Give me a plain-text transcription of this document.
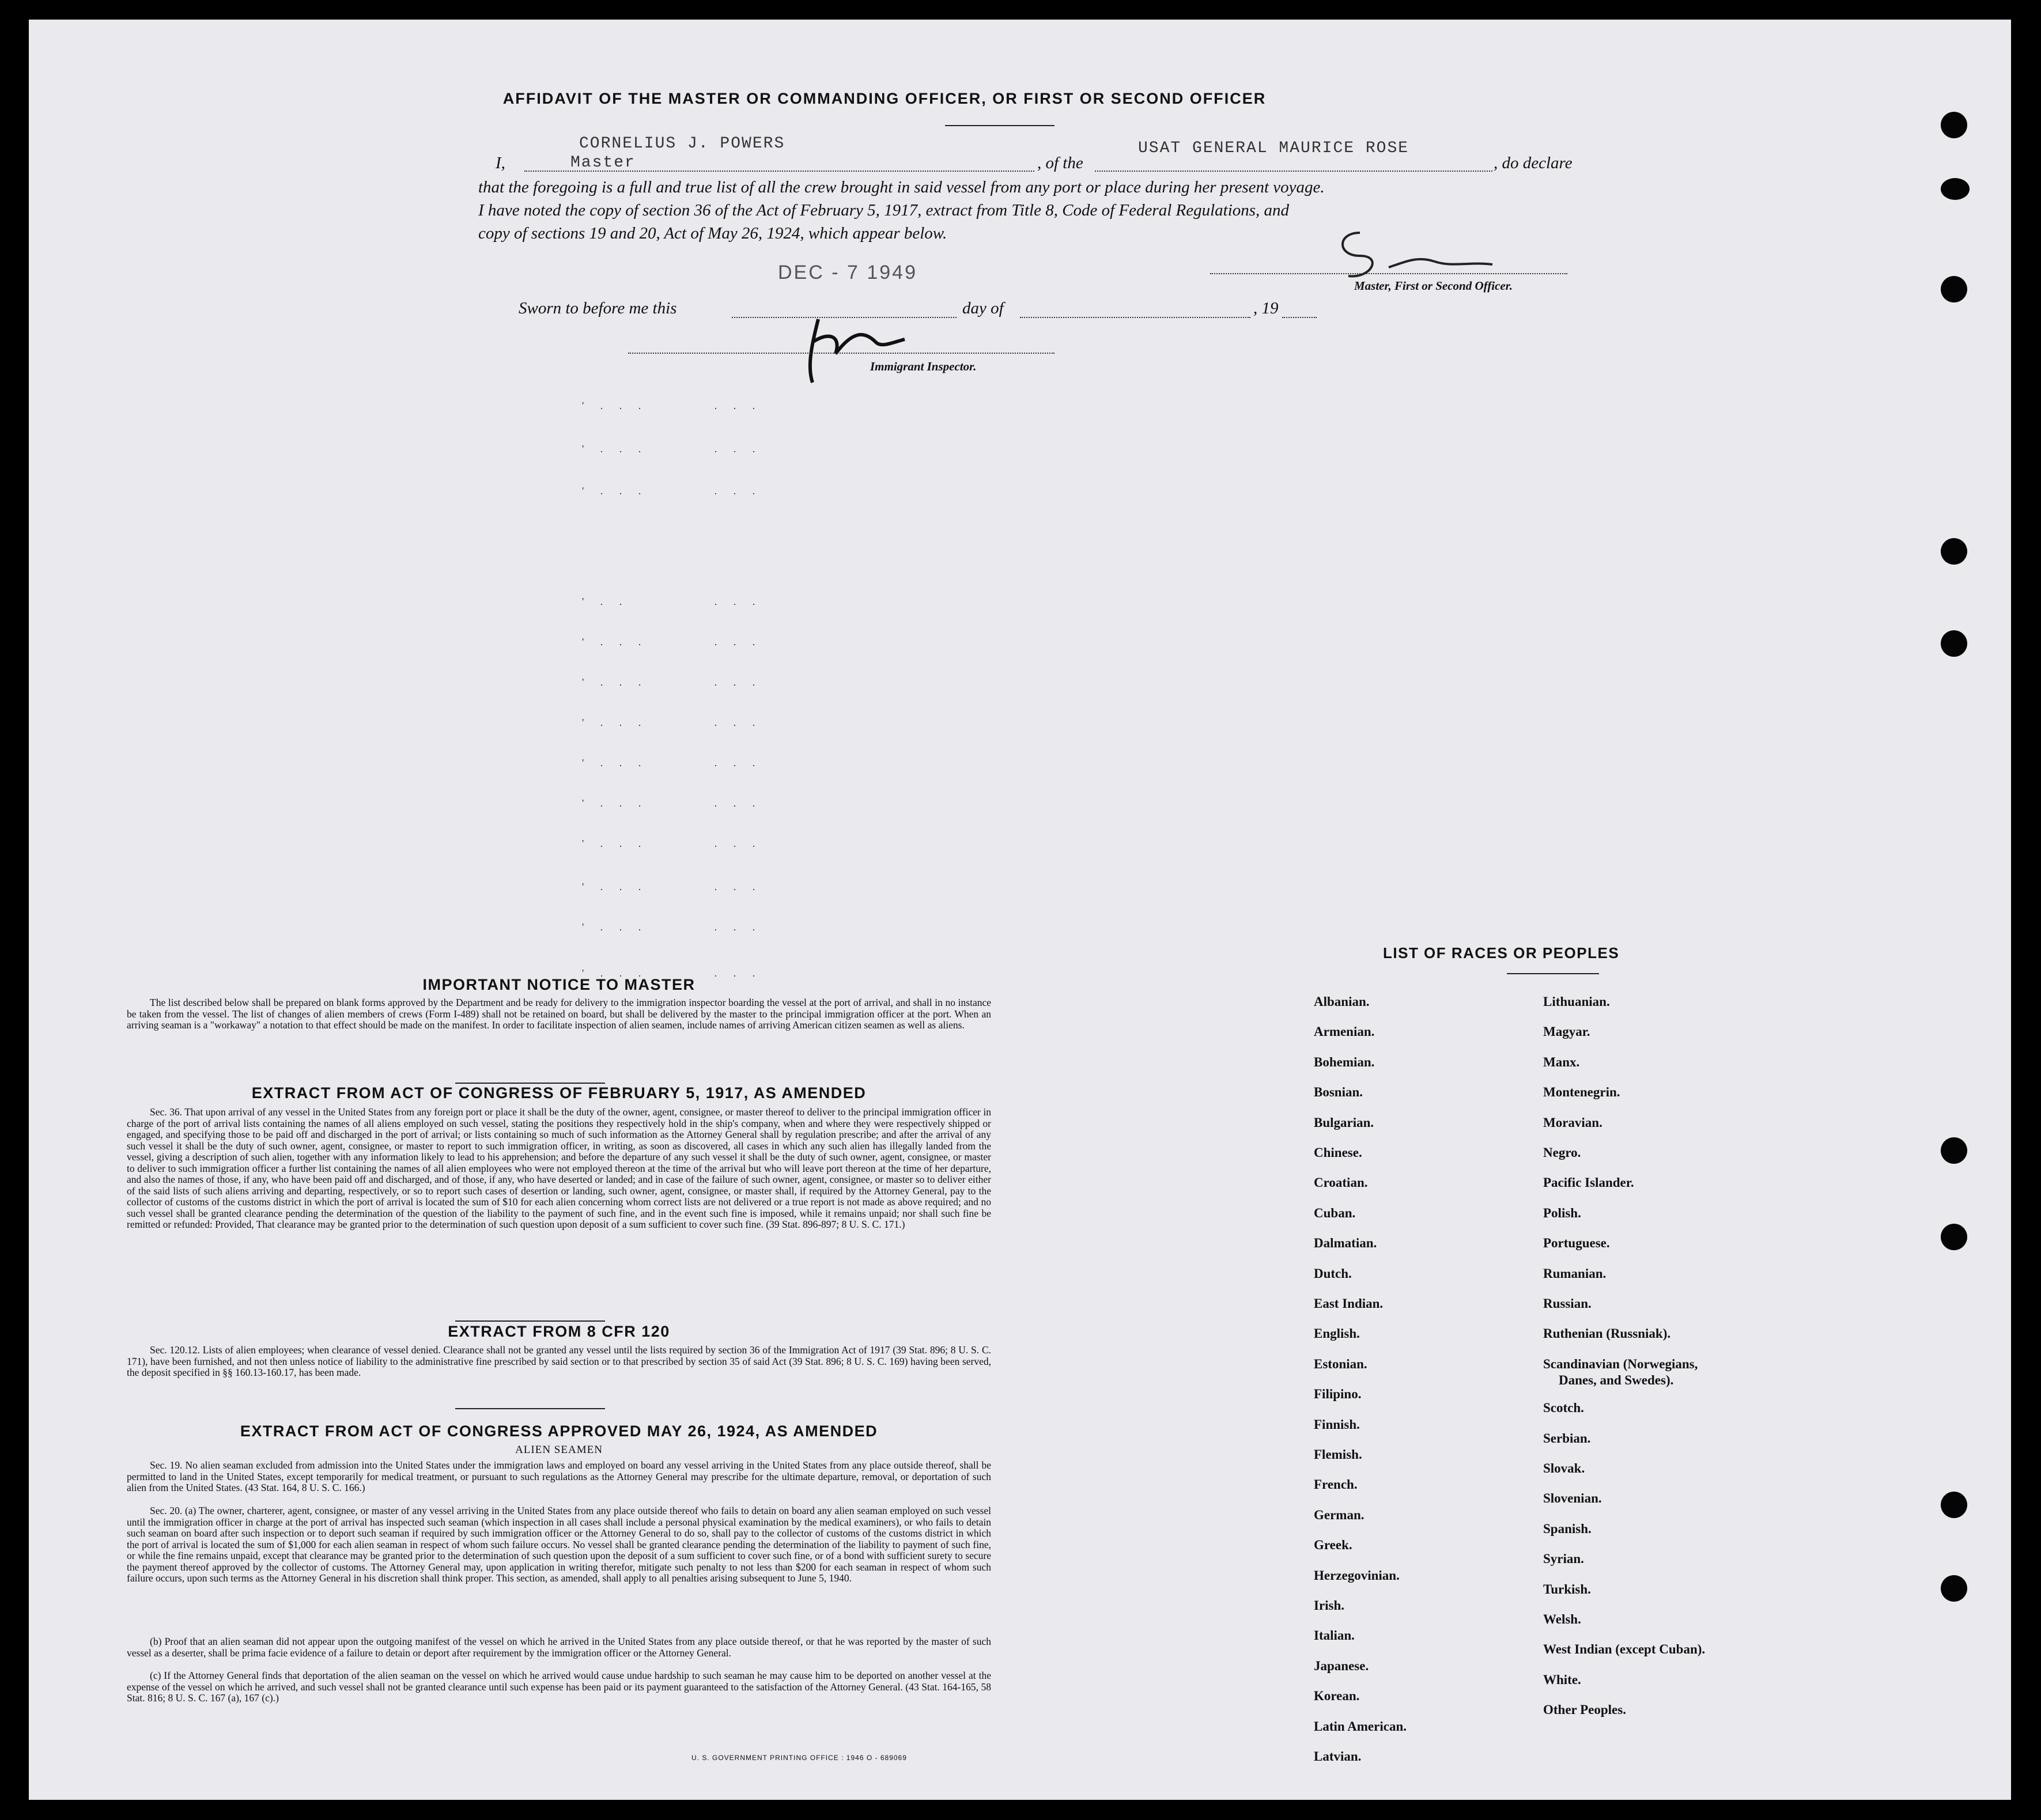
AFFIDAVIT OF THE MASTER OR COMMANDING OFFICER, OR FIRST OR SECOND OFFICER
CORNELIUS J. POWERS	USAT GENERAL MAURICE ROSE
I,	Master	, of the	, do declare
that the foregoing is a full and true list of all the crew brought in said vessel from any port or place during her present voyage.
I have noted the copy of section 36 of the Act of February 5, 1917, extract from Title 8, Code of Federal Regulations, and
copy of sections 19 and 20, Act of May 26, 1924, which appear below.
DEC - 7 1949
Master, First or Second Officer.
Sworn to before me this	day of	, 19
Immigrant Inspector.
' . . .       . . .
' . . .       . . .
' . . .       . . .
' . .         . . .
' . . .       . . .
' . . .       . . .
' . . .       . . .
' . . .       . . .
' . . .       . . .
' . . .       . . .
' . . .       . . .
' . . .       . . .
' . . .       . . .
IMPORTANT NOTICE TO MASTER
The list described below shall be prepared on blank forms approved by the Department and be ready for delivery to the immigration inspector boarding the vessel at the port of arrival, and shall in no instance be taken from the vessel. The list of changes of alien members of crews (Form I-489) shall not be retained on board, but shall be delivered by the master to the principal immigration officer at the port. When an arriving seaman is a "workaway" a notation to that effect should be made on the manifest. In order to facilitate inspection of alien seamen, include names of arriving American citizen seamen as well as aliens.
EXTRACT FROM ACT OF CONGRESS OF FEBRUARY 5, 1917, AS AMENDED
Sec. 36. That upon arrival of any vessel in the United States from any foreign port or place it shall be the duty of the owner, agent, consignee, or master thereof to deliver to the principal immigration officer in charge of the port of arrival lists containing the names of all aliens employed on such vessel, stating the positions they respectively hold in the ship's company, when and where they were respectively shipped or engaged, and specifying those to be paid off and discharged in the port of arrival; or lists containing so much of such information as the Attorney General shall by regulation prescribe; and after the arrival of any such vessel it shall be the duty of such owner, agent, consignee, or master to report to such immigration officer, in writing, as soon as discovered, all cases in which any such alien has illegally landed from the vessel, giving a description of such alien, together with any information likely to lead to his apprehension; and before the departure of any such vessel it shall be the duty of such owner, agent, consignee, or master to deliver to such immigration officer a further list containing the names of all alien employees who were not employed thereon at the time of the arrival but who will leave port thereon at the time of her departure, and also the names of those, if any, who have been paid off and discharged, and of those, if any, who have deserted or landed; and in case of the failure of such owner, agent, consignee, or master so to deliver either of the said lists of such aliens arriving and departing, respectively, or so to report such cases of desertion or landing, such owner, agent, consignee, or master shall, if required by the Attorney General, pay to the collector of customs of the customs district in which the port of arrival is located the sum of $10 for each alien concerning whom correct lists are not delivered or a true report is not made as above required; and no such vessel shall be granted clearance pending the determination of the question of the liability to the payment of such fine, and in the event such fine is imposed, while it remains unpaid; nor shall such fine be remitted or refunded: Provided, That clearance may be granted prior to the determination of such question upon deposit of a sum sufficient to cover such fine. (39 Stat. 896-897; 8 U. S. C. 171.)
EXTRACT FROM 8 CFR 120
Sec. 120.12. Lists of alien employees; when clearance of vessel denied. Clearance shall not be granted any vessel until the lists required by section 36 of the Immigration Act of 1917 (39 Stat. 896; 8 U. S. C. 171), have been furnished, and not then unless notice of liability to the administrative fine prescribed by said section or to that prescribed by section 35 of said Act (39 Stat. 896; 8 U. S. C. 169) having been served, the deposit specified in §§ 160.13-160.17, has been made.
EXTRACT FROM ACT OF CONGRESS APPROVED MAY 26, 1924, AS AMENDED
ALIEN SEAMEN
Sec. 19. No alien seaman excluded from admission into the United States under the immigration laws and employed on board any vessel arriving in the United States from any place outside thereof, shall be permitted to land in the United States, except temporarily for medical treatment, or pursuant to such regulations as the Attorney General may prescribe for the ultimate departure, removal, or deportation of such alien from the United States. (43 Stat. 164, 8 U. S. C. 166.)
Sec. 20. (a) The owner, charterer, agent, consignee, or master of any vessel arriving in the United States from any place outside thereof who fails to detain on board any alien seaman employed on such vessel until the immigration officer in charge at the port of arrival has inspected such seaman (which inspection in all cases shall include a personal physical examination by the medical examiners), or who fails to detain such seaman on board after such inspection or to deport such seaman if required by such immigration officer or the Attorney General to do so, shall pay to the collector of customs of the customs district in which the port of arrival is located the sum of $1,000 for each alien seaman in respect of whom such failure occurs. No vessel shall be granted clearance pending the determination of the liability to payment of such fine, or while the fine remains unpaid, except that clearance may be granted prior to the determination of such question upon the deposit of a sum sufficient to cover such fine, or of a bond with sufficient surety to secure the payment thereof approved by the collector of customs. The Attorney General may, upon application in writing therefor, mitigate such penalty to not less than $200 for each seaman in respect of whom such failure occurs, upon such terms as the Attorney General in his discretion shall think proper. This section, as amended, shall apply to all penalties arising subsequent to June 5, 1940.
(b) Proof that an alien seaman did not appear upon the outgoing manifest of the vessel on which he arrived in the United States from any place outside thereof, or that he was reported by the master of such vessel as a deserter, shall be prima facie evidence of a failure to detain or deport after requirement by the immigration officer or the Attorney General.
(c) If the Attorney General finds that deportation of the alien seaman on the vessel on which he arrived would cause undue hardship to such seaman he may cause him to be deported on another vessel at the expense of the vessel on which he arrived, and such vessel shall not be granted clearance until such expense has been paid or its payment guaranteed to the satisfaction of the Attorney General. (43 Stat. 164-165, 58 Stat. 816; 8 U. S. C. 167 (a), 167 (c).)
U. S. GOVERNMENT PRINTING OFFICE : 1946 O - 689069
LIST OF RACES OR PEOPLES
Albanian.
Armenian.
Bohemian.
Bosnian.
Bulgarian.
Chinese.
Croatian.
Cuban.
Dalmatian.
Dutch.
East Indian.
English.
Estonian.
Filipino.
Finnish.
Flemish.
French.
German.
Greek.
Herzegovinian.
Irish.
Italian.
Japanese.
Korean.
Latin American.
Latvian.
Lithuanian.
Magyar.
Manx.
Montenegrin.
Moravian.
Negro.
Pacific Islander.
Polish.
Portuguese.
Rumanian.
Russian.
Ruthenian (Russniak).
Scandinavian (Norwegians,
Danes, and Swedes).
Scotch.
Serbian.
Slovak.
Slovenian.
Spanish.
Syrian.
Turkish.
Welsh.
West Indian (except Cuban).
White.
Other Peoples.
